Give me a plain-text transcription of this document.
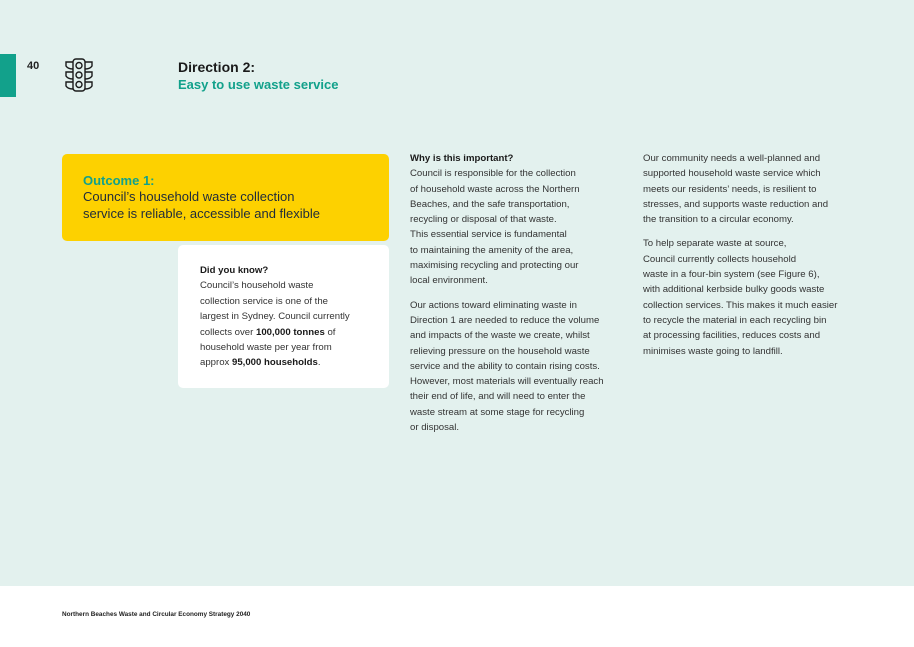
40	Direction 2:
Easy to use waste service
Outcome 1:
Council’s household waste collection
service is reliable, accessible and flexible
Did you know?
Council’s household waste
collection service is one of the
largest in Sydney. Council currently
collects over 100,000 tonnes of
household waste per year from
approx 95,000 households.
Why is this important?

Council is responsible for the collection
of household waste across the Northern
Beaches, and the safe transportation,
recycling or disposal of that waste.
This essential service is fundamental
to maintaining the amenity of the area,
maximising recycling and protecting our
local environment.

Our actions toward eliminating waste in
Direction 1 are needed to reduce the volume
and impacts of the waste we create, whilst
relieving pressure on the household waste
service and the ability to contain rising costs.
However, most materials will eventually reach
their end of life, and will need to enter the
waste stream at some stage for recycling
or disposal.

Our community needs a well-planned and
supported household waste service which
meets our residents’ needs, is resilient to
stresses, and supports waste reduction and
the transition to a circular economy.

To help separate waste at source,
Council currently collects household
waste in a four-bin system (see Figure 6),
with additional kerbside bulky goods waste
collection services. This makes it much easier
to recycle the material in each recycling bin
at processing facilities, reduces costs and
minimises waste going to landfill.

Northern Beaches Waste and Circular Economy Strategy 2040
